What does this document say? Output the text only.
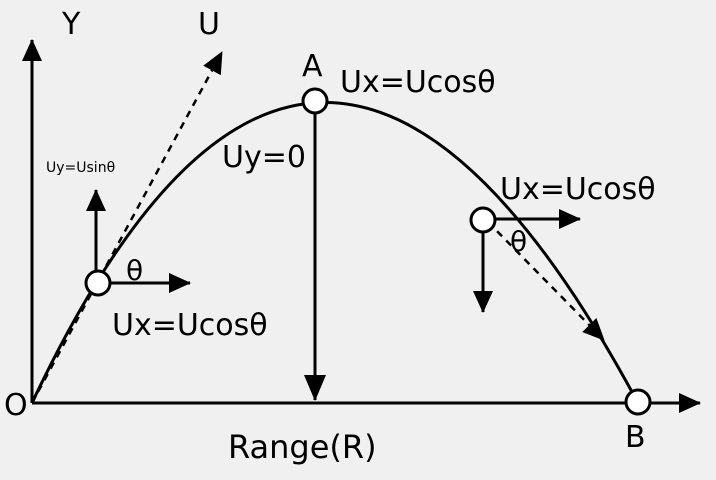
Y	U
A Ux=Ucosθ
Uy=0
Uy=Usinθ
θ
Ux=Ucosθ
Ux=Ucosθ
θ
O
B
Range(R)
